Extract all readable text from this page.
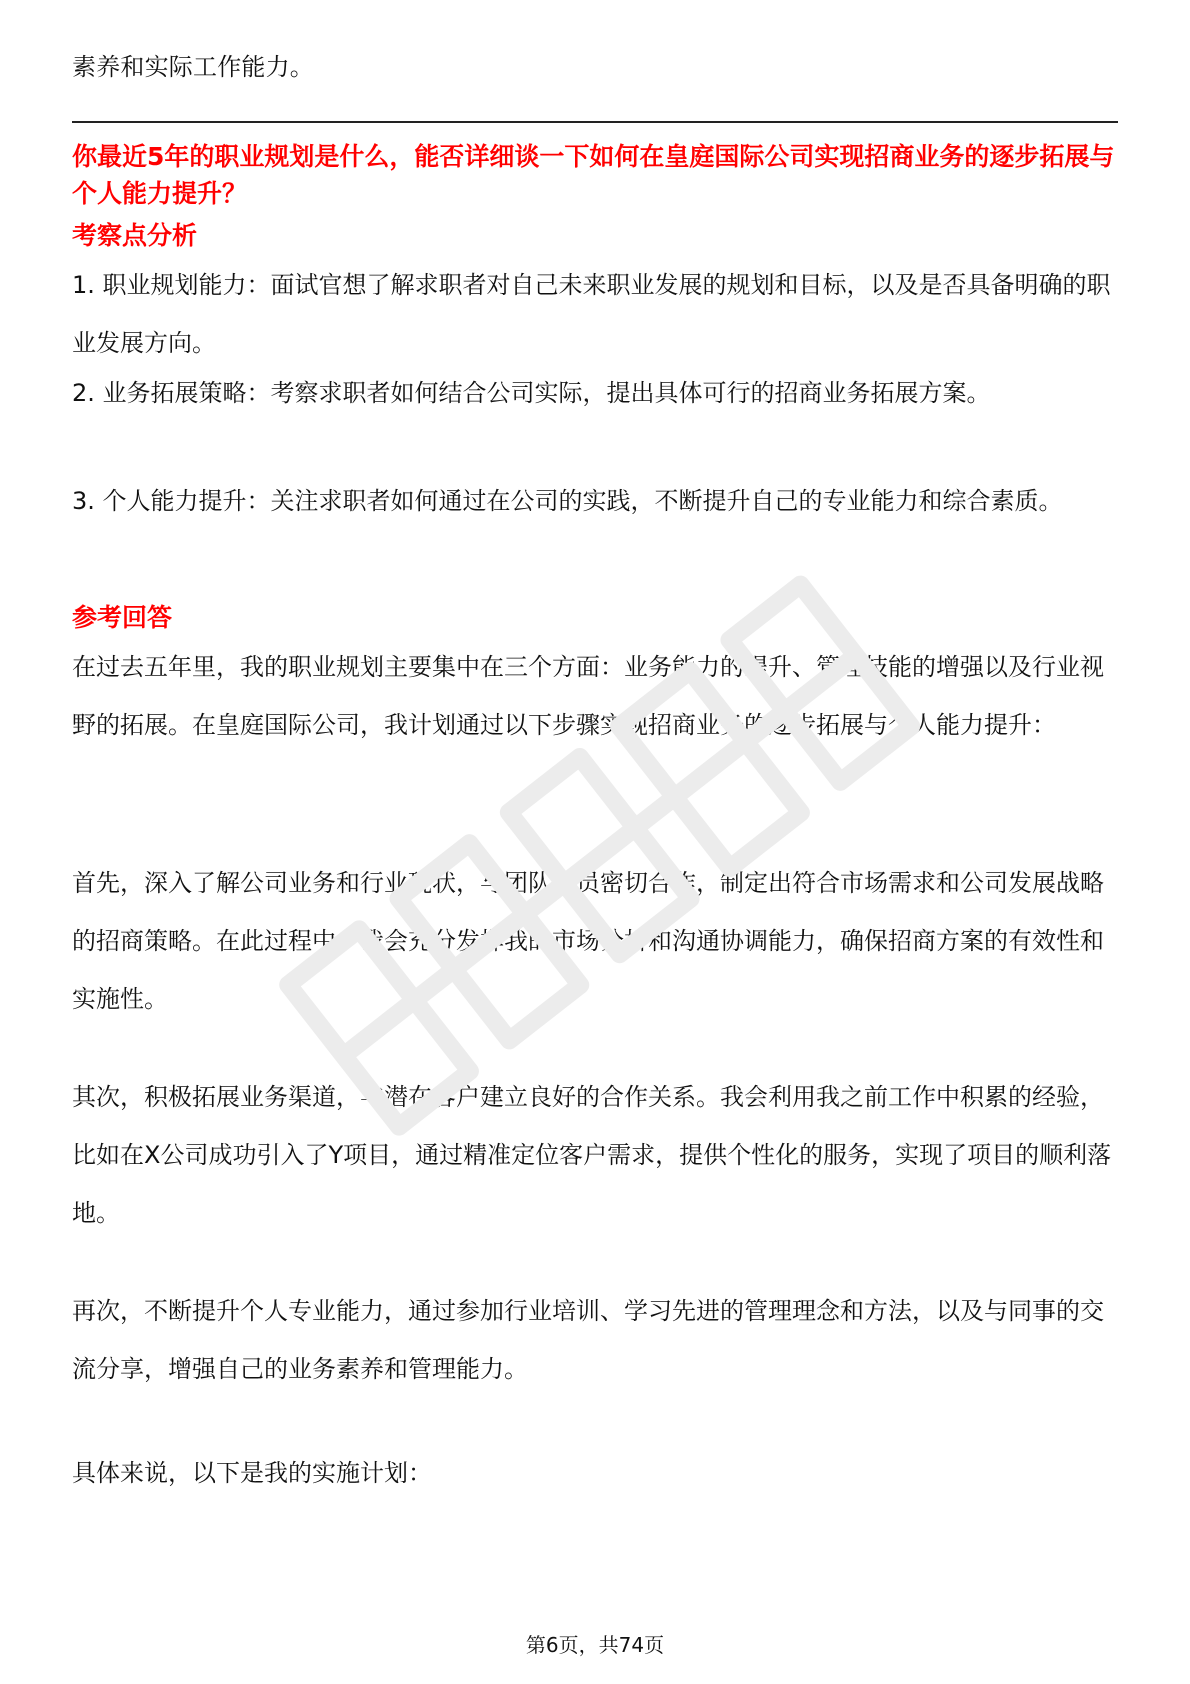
素养和实际工作能力。

你最近5年的职业规划是什么，能否详细谈一下如何在皇庭国际公司实现招商业务的逐步拓展与个人能力提升？
考察点分析
1. 职业规划能力：面试官想了解求职者对自己未来职业发展的规划和目标，以及是否具备明确的职业发展方向。
2. 业务拓展策略：考察求职者如何结合公司实际，提出具体可行的招商业务拓展方案。
3. 个人能力提升：关注求职者如何通过在公司的实践，不断提升自己的专业能力和综合素质。
参考回答
在过去五年里，我的职业规划主要集中在三个方面：业务能力的提升、管理技能的增强以及行业视野的拓展。在皇庭国际公司，我计划通过以下步骤实现招商业务的逐步拓展与个人能力提升：
首先，深入了解公司业务和行业现状，与团队成员密切合作，制定出符合市场需求和公司发展战略的招商策略。在此过程中，我会充分发挥我的市场分析和沟通协调能力，确保招商方案的有效性和实施性。
其次，积极拓展业务渠道，与潜在客户建立良好的合作关系。我会利用我之前工作中积累的经验，比如在X公司成功引入了Y项目，通过精准定位客户需求，提供个性化的服务，实现了项目的顺利落地。
再次，不断提升个人专业能力，通过参加行业培训、学习先进的管理理念和方法，以及与同事的交流分享，增强自己的业务素养和管理能力。
具体来说，以下是我的实施计划：
第6页，共74页
